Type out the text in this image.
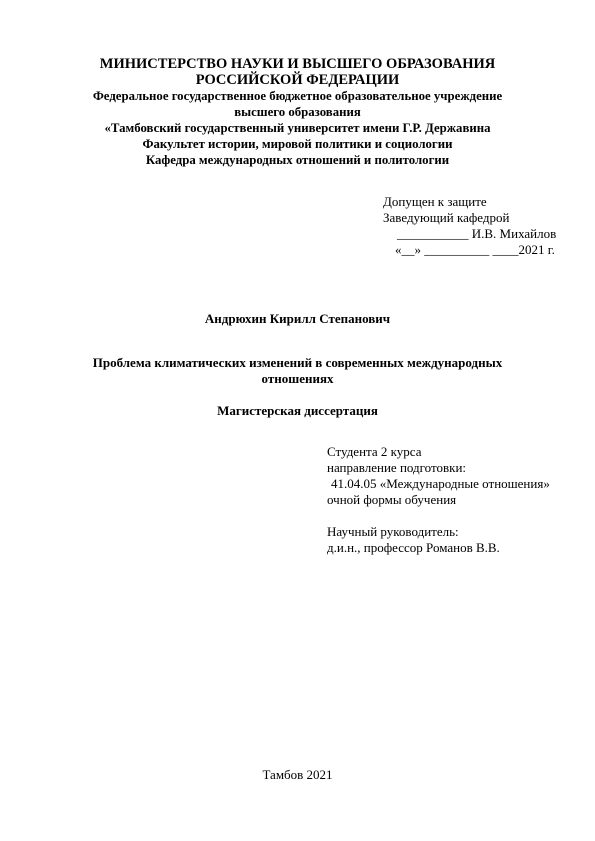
МИНИСТЕРСТВО НАУКИ И ВЫСШЕГО ОБРАЗОВАНИЯ
РОССИЙСКОЙ ФЕДЕРАЦИИ
Федеральное государственное бюджетное образовательное учреждение
высшего образования
«Тамбовский государственный университет имени Г.Р. Державина
Факультет истории, мировой политики и социологии
Кафедра международных отношений и политологии
Допущен к защите
Заведующий кафедрой
___________ И.В. Михайлов
«__» __________ ____2021 г.
Андрюхин Кирилл Степанович
Проблема климатических изменений в современных международных отношениях
Магистерская диссертация
Студента 2 курса
направление подготовки:
41.04.05 «Международные отношения»
очной формы обучения
Научный руководитель:
д.и.н., профессор Романов В.В.
Тамбов 2021
